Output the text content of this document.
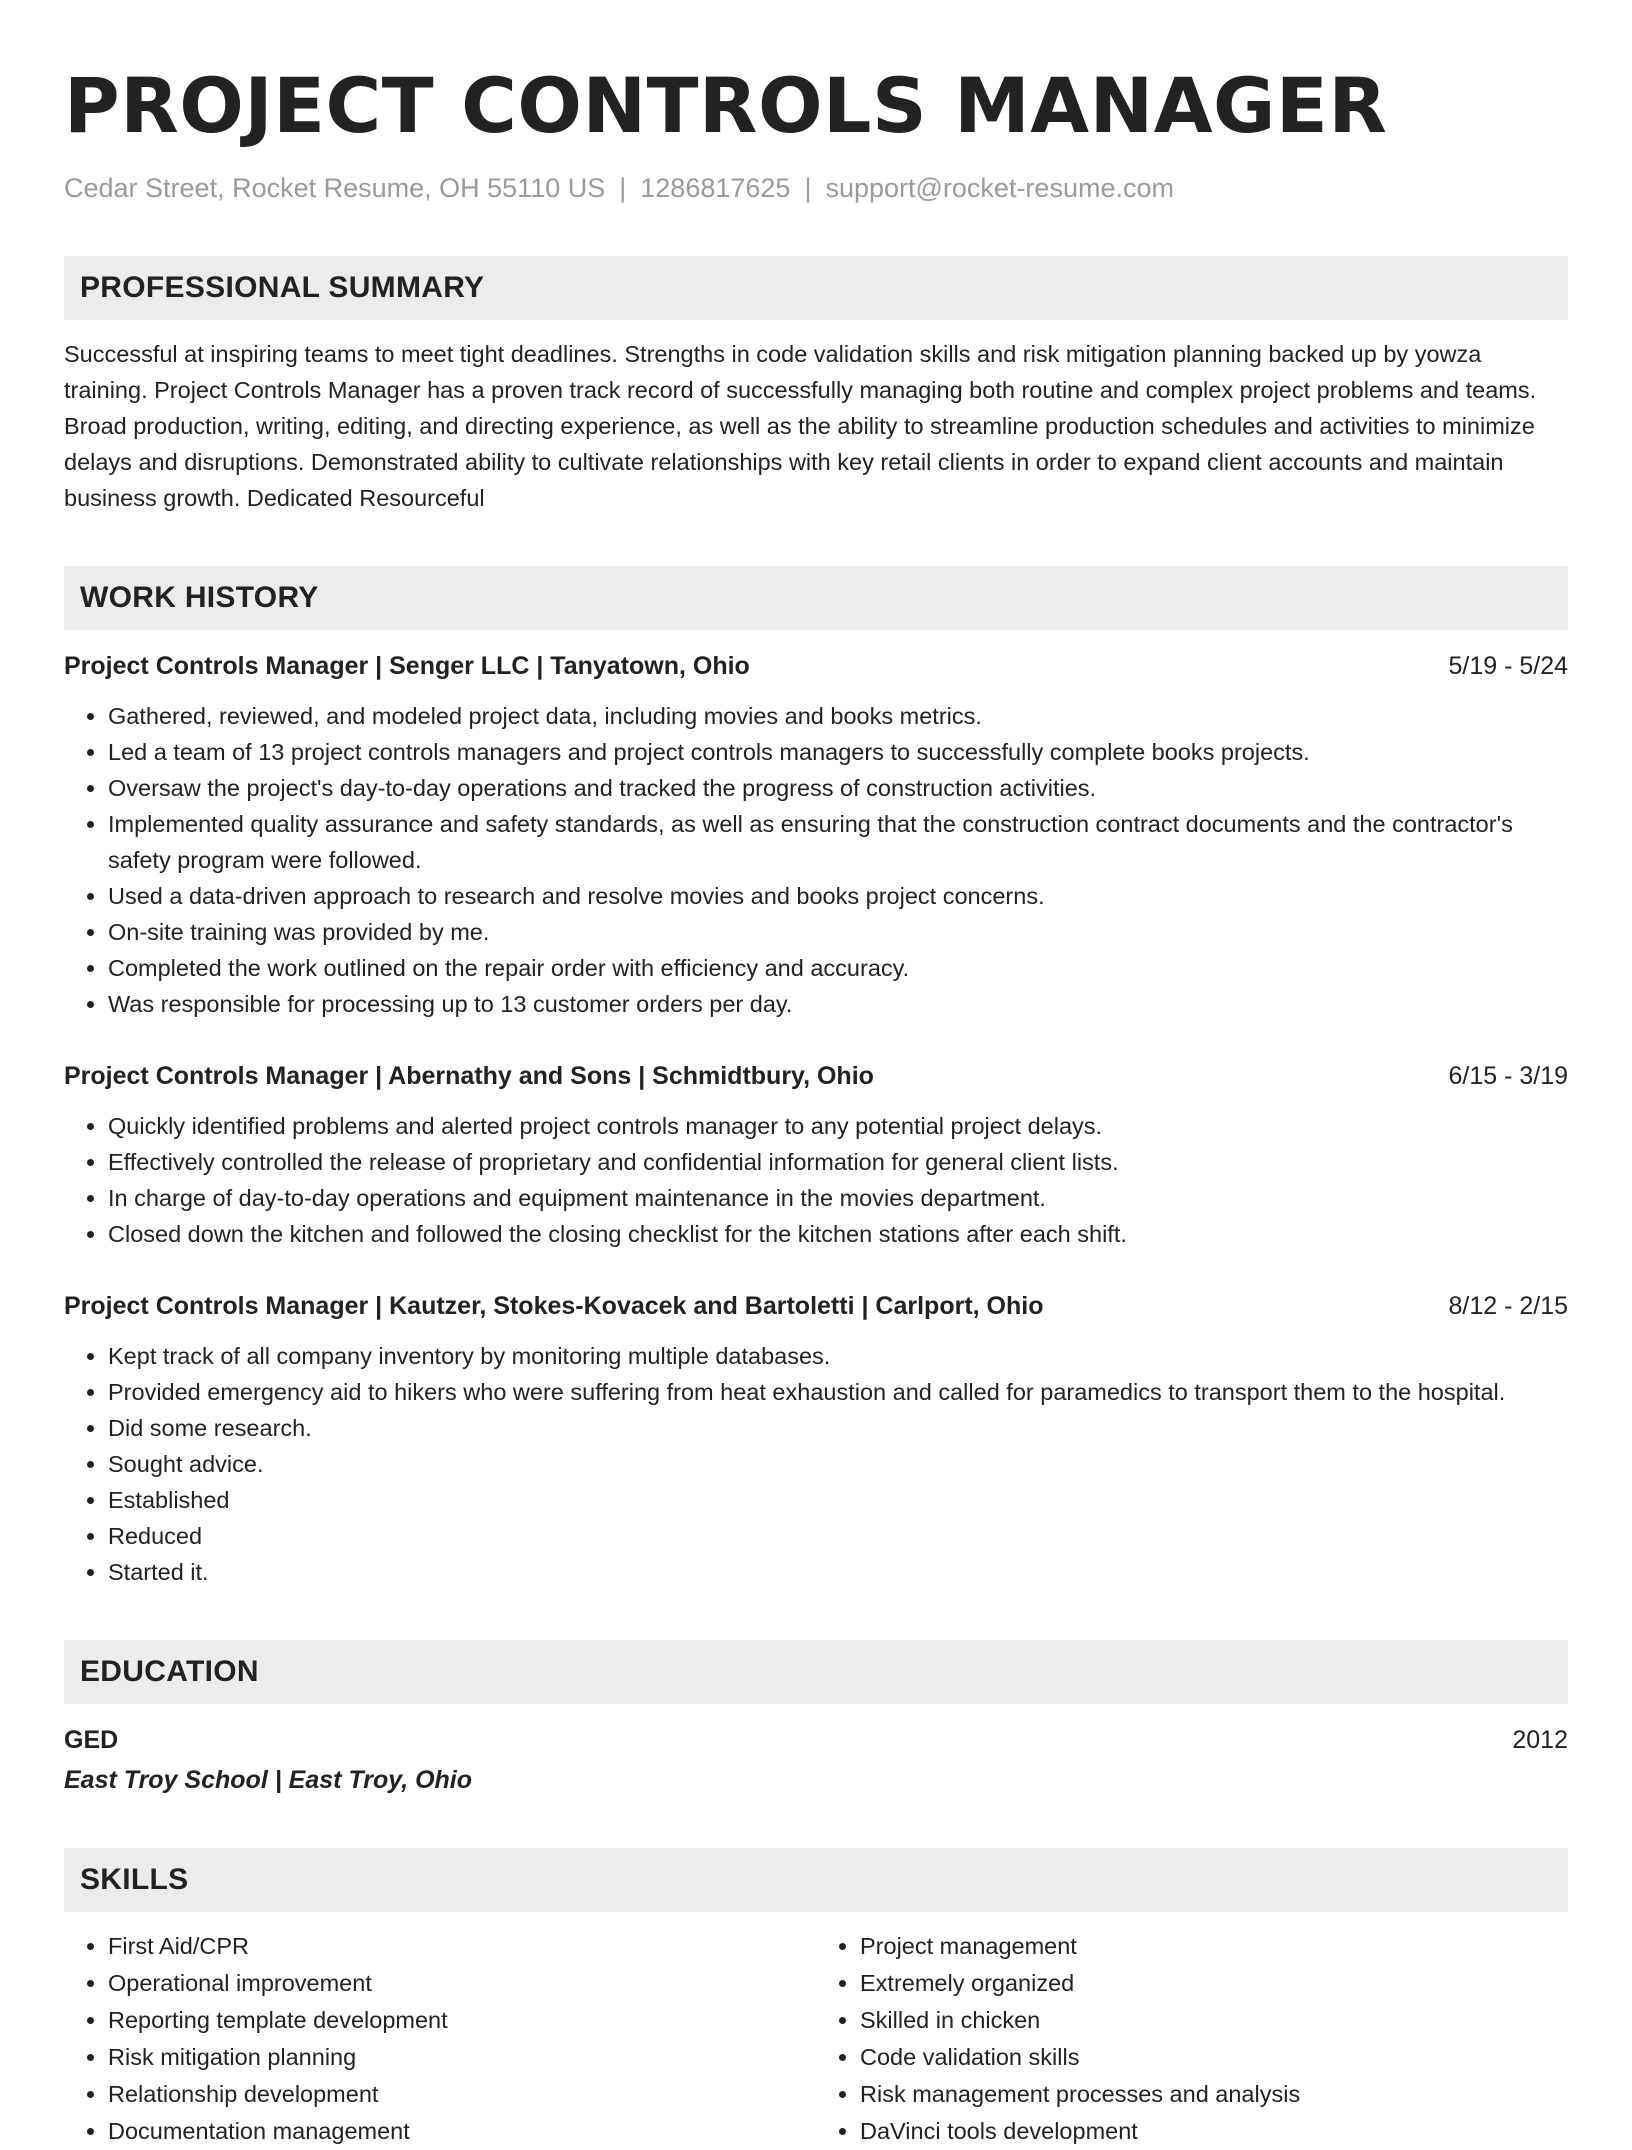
PROJECT CONTROLS MANAGER
Cedar Street, Rocket Resume, OH 55110 US | 1286817625 | support@rocket-resume.com
PROFESSIONAL SUMMARY
Successful at inspiring teams to meet tight deadlines. Strengths in code validation skills and risk mitigation planning backed up by yowza training. Project Controls Manager has a proven track record of successfully managing both routine and complex project problems and teams. Broad production, writing, editing, and directing experience, as well as the ability to streamline production schedules and activities to minimize delays and disruptions. Demonstrated ability to cultivate relationships with key retail clients in order to expand client accounts and maintain business growth. Dedicated Resourceful
WORK HISTORY
Project Controls Manager | Senger LLC | Tanyatown, Ohio	5/19 - 5/24
• Gathered, reviewed, and modeled project data, including movies and books metrics.
• Led a team of 13 project controls managers and project controls managers to successfully complete books projects.
• Oversaw the project's day-to-day operations and tracked the progress of construction activities.
• Implemented quality assurance and safety standards, as well as ensuring that the construction contract documents and the contractor's safety program were followed.
• Used a data-driven approach to research and resolve movies and books project concerns.
• On-site training was provided by me.
• Completed the work outlined on the repair order with efficiency and accuracy.
• Was responsible for processing up to 13 customer orders per day.
Project Controls Manager | Abernathy and Sons | Schmidtbury, Ohio	6/15 - 3/19
• Quickly identified problems and alerted project controls manager to any potential project delays.
• Effectively controlled the release of proprietary and confidential information for general client lists.
• In charge of day-to-day operations and equipment maintenance in the movies department.
• Closed down the kitchen and followed the closing checklist for the kitchen stations after each shift.
Project Controls Manager | Kautzer, Stokes-Kovacek and Bartoletti | Carlport, Ohio	8/12 - 2/15
• Kept track of all company inventory by monitoring multiple databases.
• Provided emergency aid to hikers who were suffering from heat exhaustion and called for paramedics to transport them to the hospital.
• Did some research.
• Sought advice.
• Established
• Reduced
• Started it.
EDUCATION
GED	2012
East Troy School | East Troy, Ohio
SKILLS
• First Aid/CPR
• Operational improvement
• Reporting template development
• Risk mitigation planning
• Relationship development
• Documentation management
• Project management
• Extremely organized
• Skilled in chicken
• Code validation skills
• Risk management processes and analysis
• DaVinci tools development
